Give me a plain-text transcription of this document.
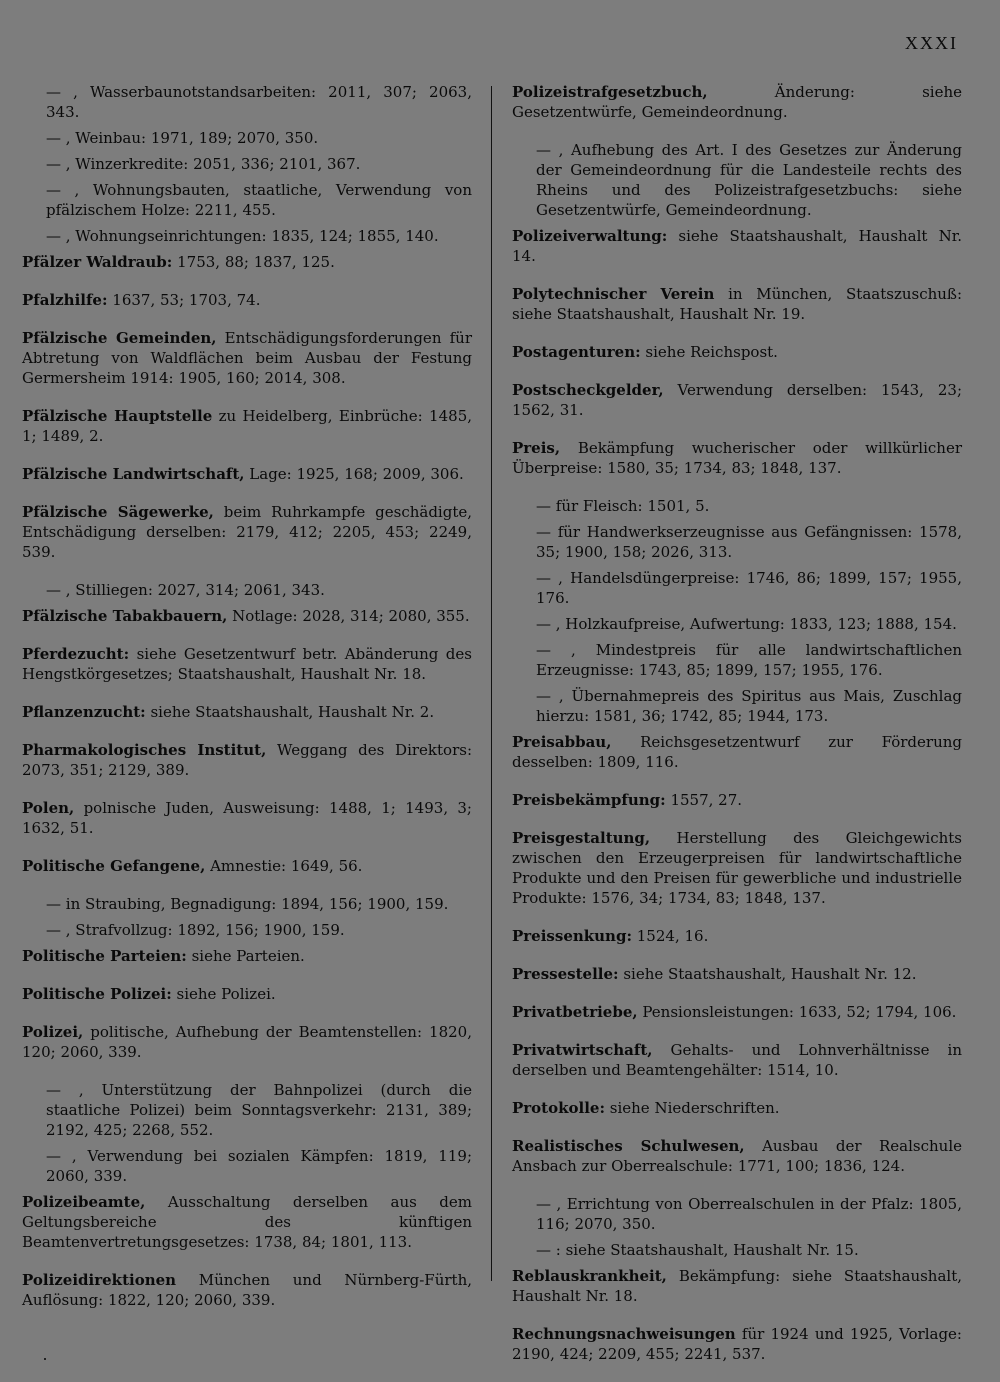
XXXI

— , Wasserbaunotstandsarbeiten: 2011, 307; 2063, 343.

— , Weinbau: 1971, 189; 2070, 350.

— , Winzerkredite: 2051, 336; 2101, 367.

— , Wohnungsbauten, staatliche, Verwendung von pfälzischem Holze: 2211, 455.

— , Wohnungseinrichtungen: 1835, 124; 1855, 140.

Pfälzer Waldraub: 1753, 88; 1837, 125.

Pfalzhilfe: 1637, 53; 1703, 74.

Pfälzische Gemeinden, Entschädigungsforderungen für Abtretung von Waldflächen beim Ausbau der Festung Germersheim 1914: 1905, 160; 2014, 308.

Pfälzische Hauptstelle zu Heidelberg, Einbrüche: 1485, 1; 1489, 2.

Pfälzische Landwirtschaft, Lage: 1925, 168; 2009, 306.

Pfälzische Sägewerke, beim Ruhrkampfe geschädigte, Entschädigung derselben: 2179, 412; 2205, 453; 2249, 539.

— , Stilliegen: 2027, 314; 2061, 343.

Pfälzische Tabakbauern, Notlage: 2028, 314; 2080, 355.

Pferdezucht: siehe Gesetzentwurf betr. Abänderung des Hengstkörgesetzes; Staatshaushalt, Haushalt Nr. 18.

Pflanzenzucht: siehe Staatshaushalt, Haushalt Nr. 2.

Pharmakologisches Institut, Weggang des Direktors: 2073, 351; 2129, 389.

Polen, polnische Juden, Ausweisung: 1488, 1; 1493, 3; 1632, 51.

Politische Gefangene, Amnestie: 1649, 56.

— in Straubing, Begnadigung: 1894, 156; 1900, 159.

— , Strafvollzug: 1892, 156; 1900, 159.

Politische Parteien: siehe Parteien.

Politische Polizei: siehe Polizei.

Polizei, politische, Aufhebung der Beamtenstellen: 1820, 120; 2060, 339.

— , Unterstützung der Bahnpolizei (durch die staatliche Polizei) beim Sonntagsverkehr: 2131, 389; 2192, 425; 2268, 552.

— , Verwendung bei sozialen Kämpfen: 1819, 119; 2060, 339.

Polizeibeamte, Ausschaltung derselben aus dem Geltungsbereiche des künftigen Beamtenvertretungsgesetzes: 1738, 84; 1801, 113.

Polizeidirektionen München und Nürnberg-Fürth, Auflösung: 1822, 120; 2060, 339.

Polizeistrafgesetzbuch, Änderung: siehe Gesetzentwürfe, Gemeindeordnung.

— , Aufhebung des Art. I des Gesetzes zur Änderung der Gemeindeordnung für die Landesteile rechts des Rheins und des Polizeistrafgesetzbuchs: siehe Gesetzentwürfe, Gemeindeordnung.

Polizeiverwaltung: siehe Staatshaushalt, Haushalt Nr. 14.

Polytechnischer Verein in München, Staatszuschuß: siehe Staatshaushalt, Haushalt Nr. 19.

Postagenturen: siehe Reichspost.

Postscheckgelder, Verwendung derselben: 1543, 23; 1562, 31.

Preis, Bekämpfung wucherischer oder willkürlicher Überpreise: 1580, 35; 1734, 83; 1848, 137.

— für Fleisch: 1501, 5.

— für Handwerkserzeugnisse aus Gefängnissen: 1578, 35; 1900, 158; 2026, 313.

— , Handelsdüngerpreise: 1746, 86; 1899, 157; 1955, 176.

— , Holzkaufpreise, Aufwertung: 1833, 123; 1888, 154.

— , Mindestpreis für alle landwirtschaftlichen Erzeugnisse: 1743, 85; 1899, 157; 1955, 176.

— , Übernahmepreis des Spiritus aus Mais, Zuschlag hierzu: 1581, 36; 1742, 85; 1944, 173.

Preisabbau, Reichsgesetzentwurf zur Förderung desselben: 1809, 116.

Preisbekämpfung: 1557, 27.

Preisgestaltung, Herstellung des Gleichgewichts zwischen den Erzeugerpreisen für landwirtschaftliche Produkte und den Preisen für gewerbliche und industrielle Produkte: 1576, 34; 1734, 83; 1848, 137.

Preissenkung: 1524, 16.

Pressestelle: siehe Staatshaushalt, Haushalt Nr. 12.

Privatbetriebe, Pensionsleistungen: 1633, 52; 1794, 106.

Privatwirtschaft, Gehalts- und Lohnverhältnisse in derselben und Beamtengehälter: 1514, 10.

Protokolle: siehe Niederschriften.

Realistisches Schulwesen, Ausbau der Realschule Ansbach zur Oberrealschule: 1771, 100; 1836, 124.

— , Errichtung von Oberrealschulen in der Pfalz: 1805, 116; 2070, 350.

— : siehe Staatshaushalt, Haushalt Nr. 15.

Reblauskrankheit, Bekämpfung: siehe Staatshaushalt, Haushalt Nr. 18.

Rechnungsnachweisungen für 1924 und 1925, Vorlage: 2190, 424; 2209, 455; 2241, 537.
